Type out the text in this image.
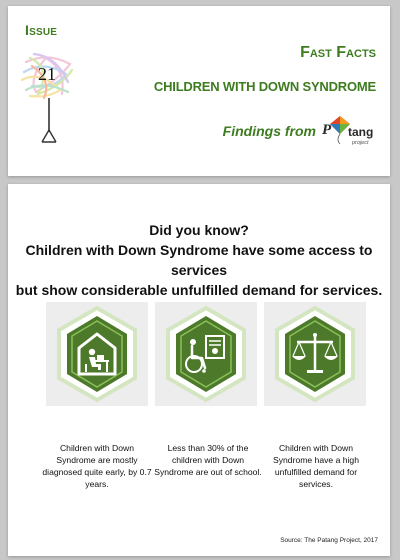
Issue
21
Fast Facts
CHILDREN WITH DOWN SYNDROME
Findings from P tang
project
Did you know?
Children with Down Syndrome have some access to services
but show considerable unfulfilled demand for services.
Children with Down Syndrome are mostly diagnosed quite early, by 0.7 years.
Less than 30% of the children with Down Syndrome are out of school.
Children with Down Syndrome have a high unfulfilled demand for services.
Source: The Patang Project, 2017
